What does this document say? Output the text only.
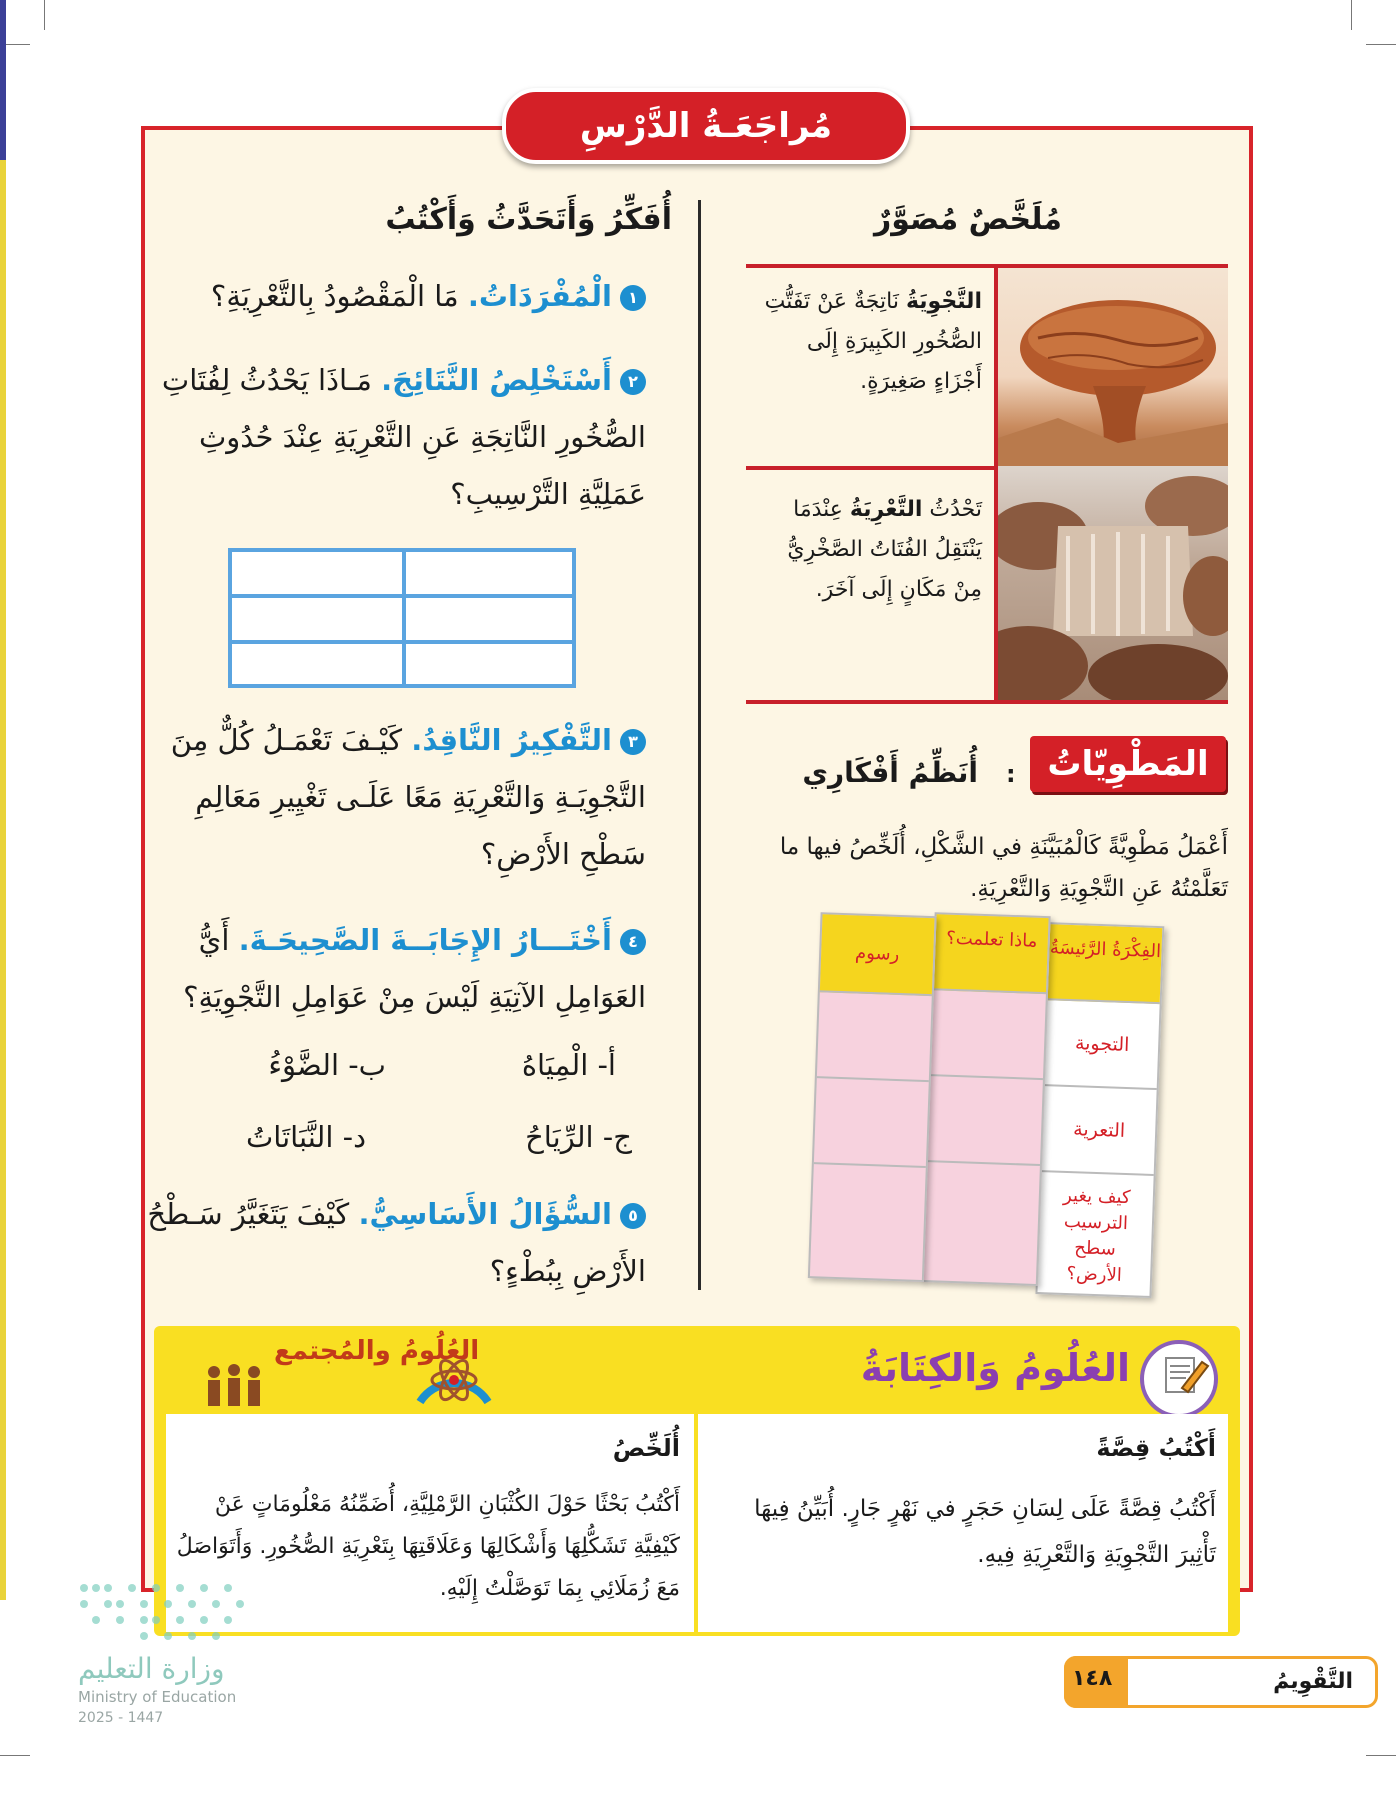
مُراجَعَـةُ الدَّرْسِ
مُلَخَّصٌ مُصَوَّرٌ
التَّجْوِيَةُ نَاتِجَةٌ عَنْ تَفَتُّتِ الصُّخُورِ الكَبِيرَةِ إِلَى أَجْزَاءٍ صَغِيرَةٍ.
تَحْدُثُ التَّعْرِيَةُ عِنْدَمَا يَنْتَقِلُ الفُتَاتُ الصَّخْرِيُّ مِنْ مَكَانٍ إِلَى آخَرَ.
المَطْوِيّاتُ
:
أُنَظِّمُ أَفْكَارِي
أَعْمَلُ مَطْوِيَّةً كَالْمُبَيَّنَةِ في الشَّكْلِ، أُلَخِّصُ فيها ما تَعَلَّمْتُهُ عَنِ التَّجْوِيَةِ وَالتَّعْرِيَةِ.
الفِكْرَةُ الرَّئيسَةُ
التجوية
التعرية
كيف يغير الترسيب سطح الأرض؟
ماذا تعلمت؟
رسوم
أُفَكِّرُ وَأَتَحَدَّثُ وَأَكْتُبُ
١الْمُفْرَدَاتُ. مَا الْمَقْصُودُ بِالتَّعْرِيَةِ؟
٢أَسْتَخْلِصُ النَّتَائِجَ. مَـاذَا يَحْدُثُ لِفُتَاتِ الصُّخُورِ النَّاتِجَةِ عَنِ التَّعْرِيَةِ عِنْدَ حُدُوثِ عَمَلِيَّةِ التَّرْسِيبِ؟
٣التَّفْكِيرُ النَّاقِدُ. كَيْـفَ تَعْمَـلُ كُلٌّ مِنَ التَّجْوِيَـةِ وَالتَّعْرِيَةِ مَعًا عَلَـى تَغْيِيرِ مَعَالِمِ سَطْحِ الأَرْضِ؟
٤أَخْتَـــارُ الإِجَابَــةَ الصَّحِيحَـةَ. أَيُّ العَوَامِلِ الآتِيَةِ لَيْسَ مِنْ عَوَامِلِ التَّجْوِيَةِ؟
أ- الْمِيَاهُ
ب- الضَّوْءُ
ج- الرِّيَاحُ
د- النَّبَاتَاتُ
٥السُّؤَالُ الأَسَاسِيُّ. كَيْفَ يَتَغَيَّرُ سَـطْحُ الأَرْضِ بِبُطْءٍ؟
العُلُومُ وَالكِتَابَةُ
العُلُومُ والمُجتمع
أَكْتُبُ قِصَّةً
أَكْتُبُ قِصَّةً عَلَى لِسَانِ حَجَرٍ في نَهْرٍ جَارٍ. أُبَيِّنُ فِيهَا تَأْثِيرَ التَّجْوِيَةِ وَالتَّعْرِيَةِ فِيهِ.
أُلَخِّصُ
أَكْتُبُ بَحْثًا حَوْلَ الكُثْبَانِ الرَّمْلِيَّةِ، أُضَمِّنُهُ مَعْلُومَاتٍ عَنْ كَيْفِيَّةِ تَشَكُّلِهَا وَأَشْكَالِهَا وَعَلَاقَتِهَا بِتَعْرِيَةِ الصُّخُورِ. وَأَتَوَاصَلُ مَعَ زُمَلَائِي بِمَا تَوَصَّلْتُ إِلَيْهِ.
التَّقْوِيمُ
١٤٨
وزارة التعليم
Ministry of Education
2025 - 1447
